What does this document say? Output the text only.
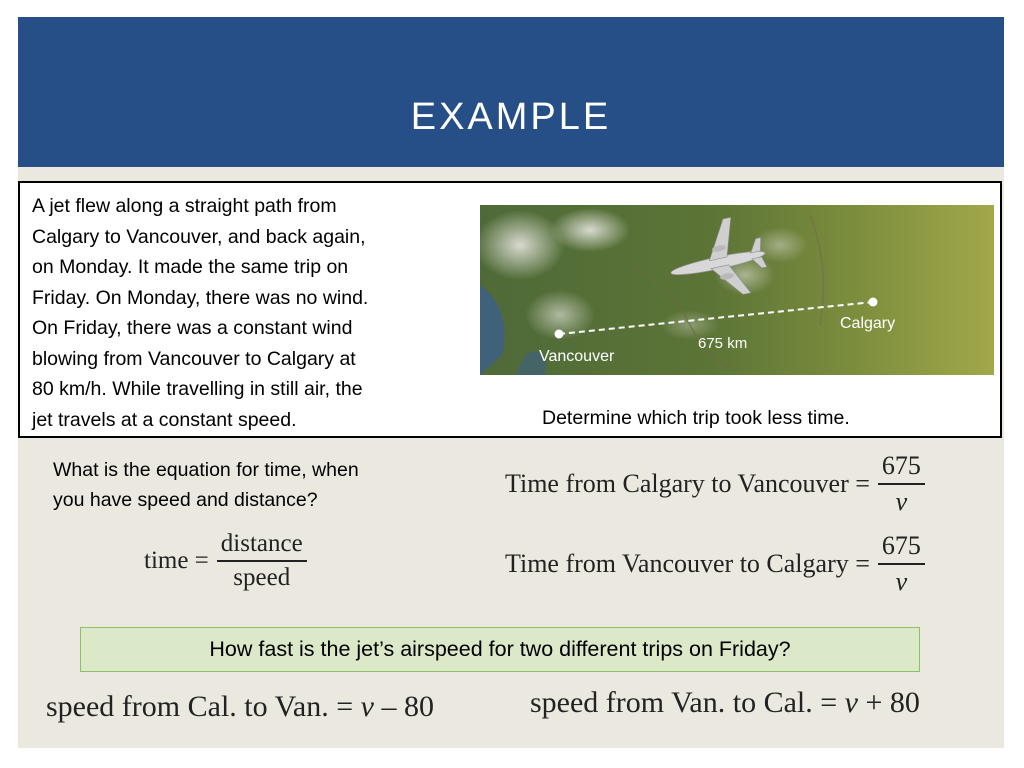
EXAMPLE
A jet flew along a straight path from
Calgary to Vancouver, and back again,
on Monday. It made the same trip on
Friday. On Monday, there was no wind.
On Friday, there was a constant wind
blowing from Vancouver to Calgary at
80 km/h. While travelling in still air, the
jet travels at a constant speed.
Vancouver
Calgary
675 km
Determine which trip took less time.
What is the equation for time, when
you have speed and distance?
time = $\frac{\text{distance}}{\text{speed}}$
Time from Calgary to Vancouver = $\frac{675}{v}$
Time from Vancouver to Calgary = $\frac{675}{v}$
How fast is the jet’s airspeed for two different trips on Friday?
speed from Cal. to Van. = v – 80	speed from Van. to Cal. = v + 80
